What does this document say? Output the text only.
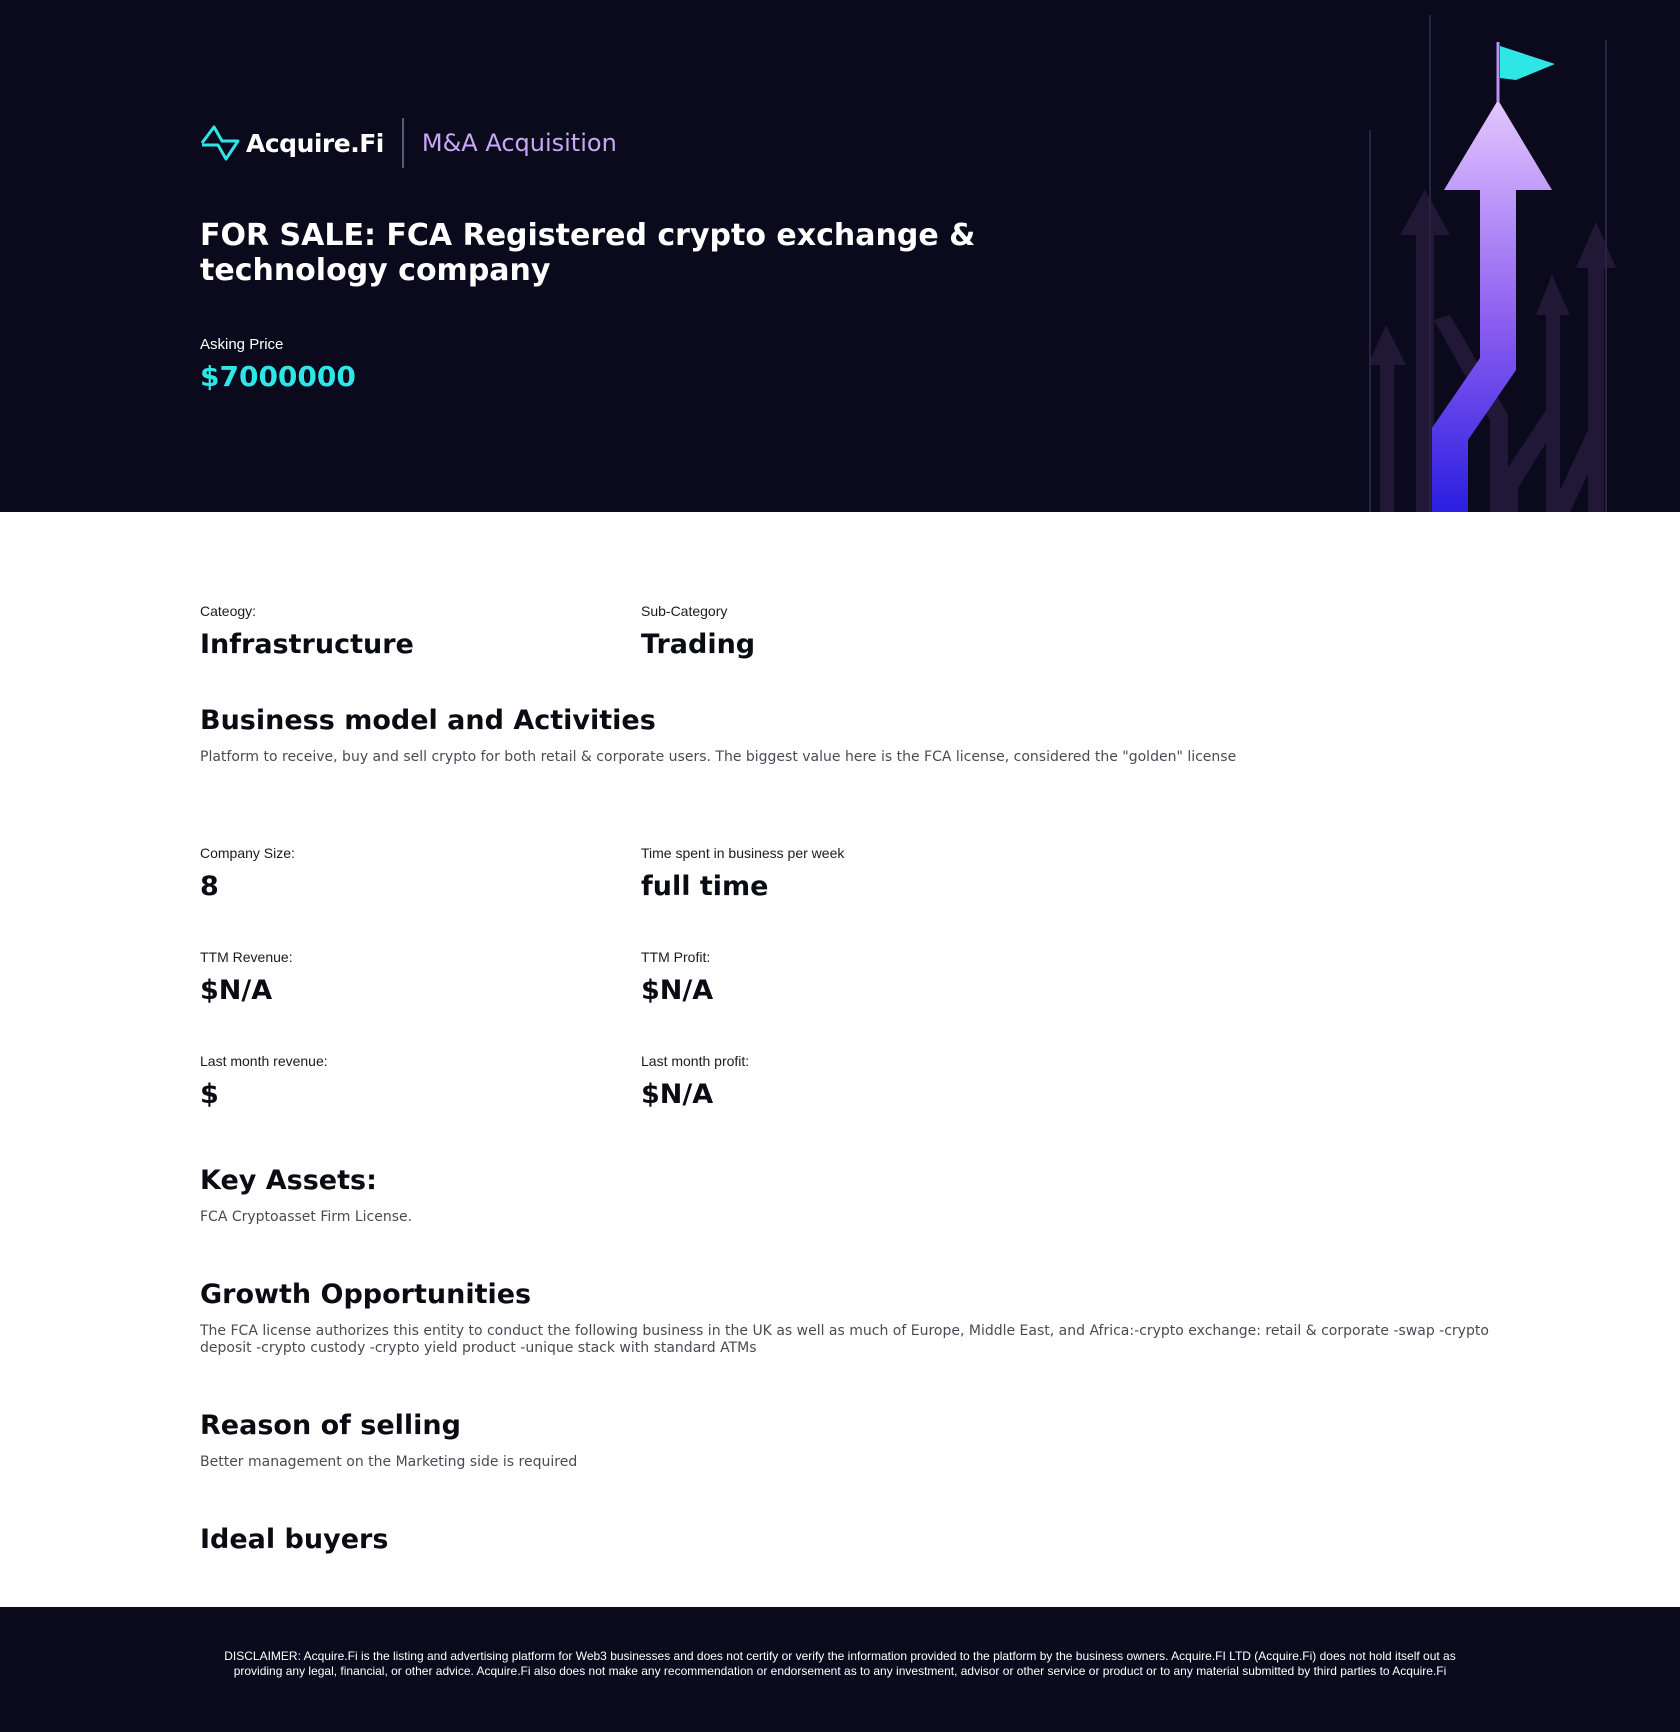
Acquire.Fi M&A Acquisition
FOR SALE: FCA Registered crypto exchange & technology company
Asking Price
$7000000
Cateogy:
Infrastructure
Sub-Category
Trading
Business model and Activities

Platform to receive, buy and sell crypto for both retail & corporate users. The biggest value here is the FCA license, considered the "golden" license

Company Size:
8
Time spent in business per week
full time
TTM Revenue:
$N/A
TTM Profit:
$N/A
Last month revenue:
$
Last month profit:
$N/A
Key Assets:

FCA Cryptoasset Firm License.

Growth Opportunities

The FCA license authorizes this entity to conduct the following business in the UK as well as much of Europe, Middle East, and Africa:-crypto exchange: retail & corporate -swap -crypto deposit -crypto custody -crypto yield product -unique stack with standard ATMs

Reason of selling

Better management on the Marketing side is required

Ideal buyers

DISCLAIMER: Acquire.Fi is the listing and advertising platform for Web3 businesses and does not certify or verify the information provided to the platform by the business owners. Acquire.FI LTD (Acquire.Fi) does not hold itself out as providing any legal, financial, or other advice. Acquire.Fi also does not make any recommendation or endorsement as to any investment, advisor or other service or product or to any material submitted by third parties to Acquire.Fi
